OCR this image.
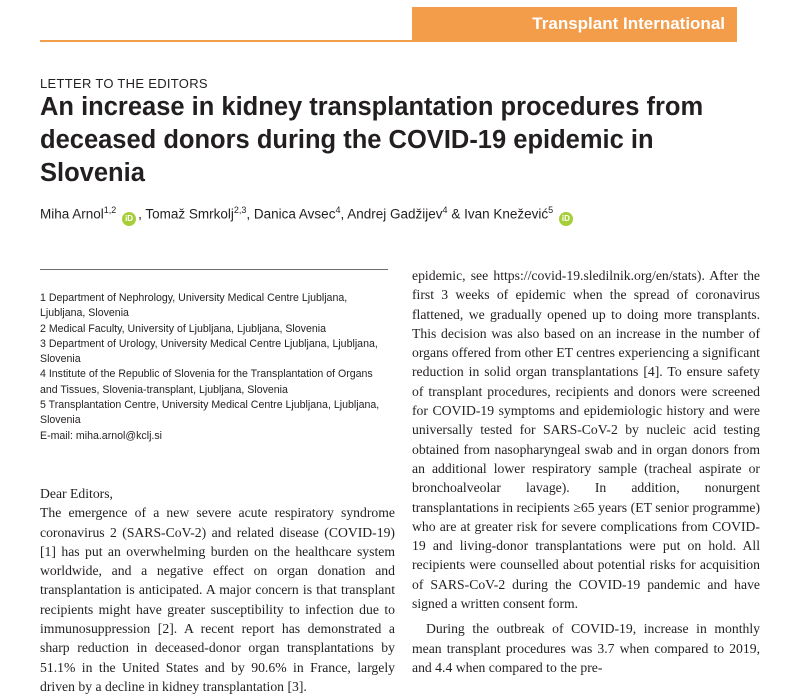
Transplant International
LETTER TO THE EDITORS
An increase in kidney transplantation procedures from deceased donors during the COVID-19 epidemic in Slovenia
Miha Arnol$^{1,2}$ iD , Tomaž Smrkolj$^{2,3}$, Danica Avsec$^4$, Andrej Gadžijev$^4$ & Ivan Knežević$^5$ iD
1 Department of Nephrology, University Medical Centre Ljubljana, Ljubljana, Slovenia
2 Medical Faculty, University of Ljubljana, Ljubljana, Slovenia
3 Department of Urology, University Medical Centre Ljubljana, Ljubljana, Slovenia
4 Institute of the Republic of Slovenia for the Transplantation of Organs and Tissues, Slovenia-transplant, Ljubljana, Slovenia
5 Transplantation Centre, University Medical Centre Ljubljana, Ljubljana, Slovenia
E-mail: miha.arnol@kclj.si

Dear Editors,

The emergence of a new severe acute respiratory syndrome coronavirus 2 (SARS-CoV-2) and related disease (COVID-19) [1] has put an overwhelming burden on the healthcare system worldwide, and a negative effect on organ donation and transplantation is anticipated. A major concern is that transplant recipients might have greater susceptibility to infection due to immunosuppression [2]. A recent report has demonstrated a sharp reduction in deceased-donor organ transplantations by 51.1% in the United States and by 90.6% in France, largely driven by a decline in kidney transplantation [3].

epidemic, see https://covid-19.sledilnik.org/en/stats). After the first 3 weeks of epidemic when the spread of coronavirus flattened, we gradually opened up to doing more transplants. This decision was also based on an increase in the number of organs offered from other ET centres experiencing a significant reduction in solid organ transplantations [4]. To ensure safety of transplant procedures, recipients and donors were screened for COVID-19 symptoms and epidemiologic history and were universally tested for SARS-CoV-2 by nucleic acid testing obtained from nasopharyngeal swab and in organ donors from an additional lower respiratory sample (tracheal aspirate or bronchoalveolar lavage). In addition, nonurgent transplantations in recipients ≥65 years (ET senior programme) who are at greater risk for severe complications from COVID-19 and living-donor transplantations were put on hold. All recipients were counselled about potential risks for acquisition of SARS-CoV-2 during the COVID-19 pandemic and have signed a written consent form.

During the outbreak of COVID-19, increase in monthly mean transplant procedures was 3.7 when compared to 2019, and 4.4 when compared to the pre-
